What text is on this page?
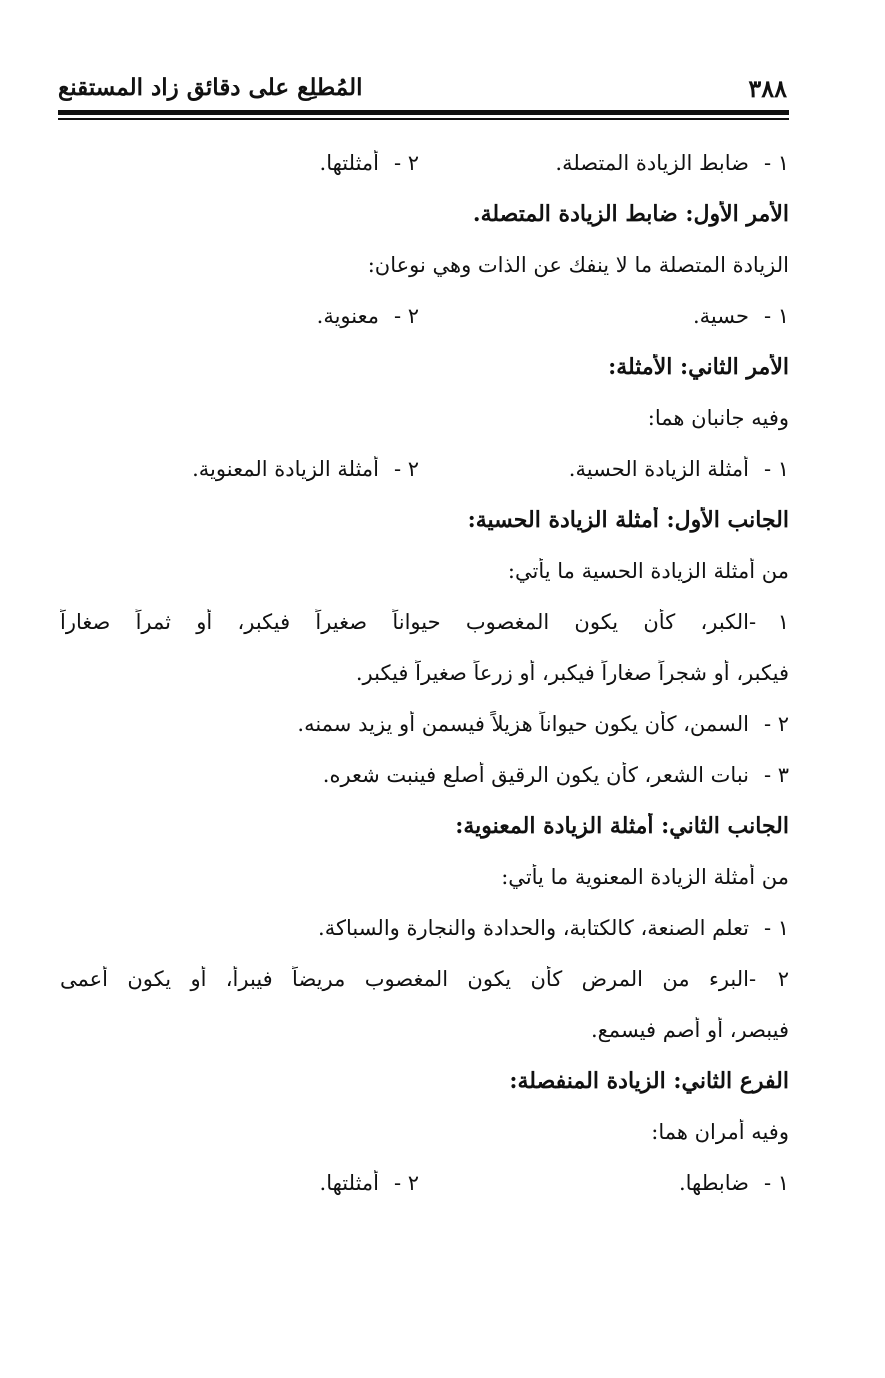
٣٨٨
المُطلِع على دقائق زاد المستقنع
١ -ضابط الزيادة المتصلة.
٢ -أمثلتها.
الأمر الأول: ضابط الزيادة المتصلة.
الزيادة المتصلة ما لا ينفك عن الذات وهي نوعان:
١ -حسية.
٢ -معنوية.
الأمر الثاني: الأمثلة:
وفيه جانبان هما:
١ -أمثلة الزيادة الحسية.
٢ -أمثلة الزيادة المعنوية.
الجانب الأول: أمثلة الزيادة الحسية:
من أمثلة الزيادة الحسية ما يأتي:
١ -الكبر، كأن يكون المغصوب حيواناً صغيراً فيكبر، أو ثمراً صغاراً
فيكبر، أو شجراً صغاراً فيكبر، أو زرعاً صغيراً فيكبر.
٢ -السمن، كأن يكون حيواناً هزيلاً فيسمن أو يزيد سمنه.
٣ -نبات الشعر، كأن يكون الرقيق أصلع فينبت شعره.
الجانب الثاني: أمثلة الزيادة المعنوية:
من أمثلة الزيادة المعنوية ما يأتي:
١ -تعلم الصنعة، كالكتابة، والحدادة والنجارة والسباكة.
٢ -البرء من المرض كأن يكون المغصوب مريضاً فيبرأ، أو يكون أعمى
فيبصر، أو أصم فيسمع.
الفرع الثاني: الزيادة المنفصلة:
وفيه أمران هما:
١ -ضابطها.
٢ -أمثلتها.
